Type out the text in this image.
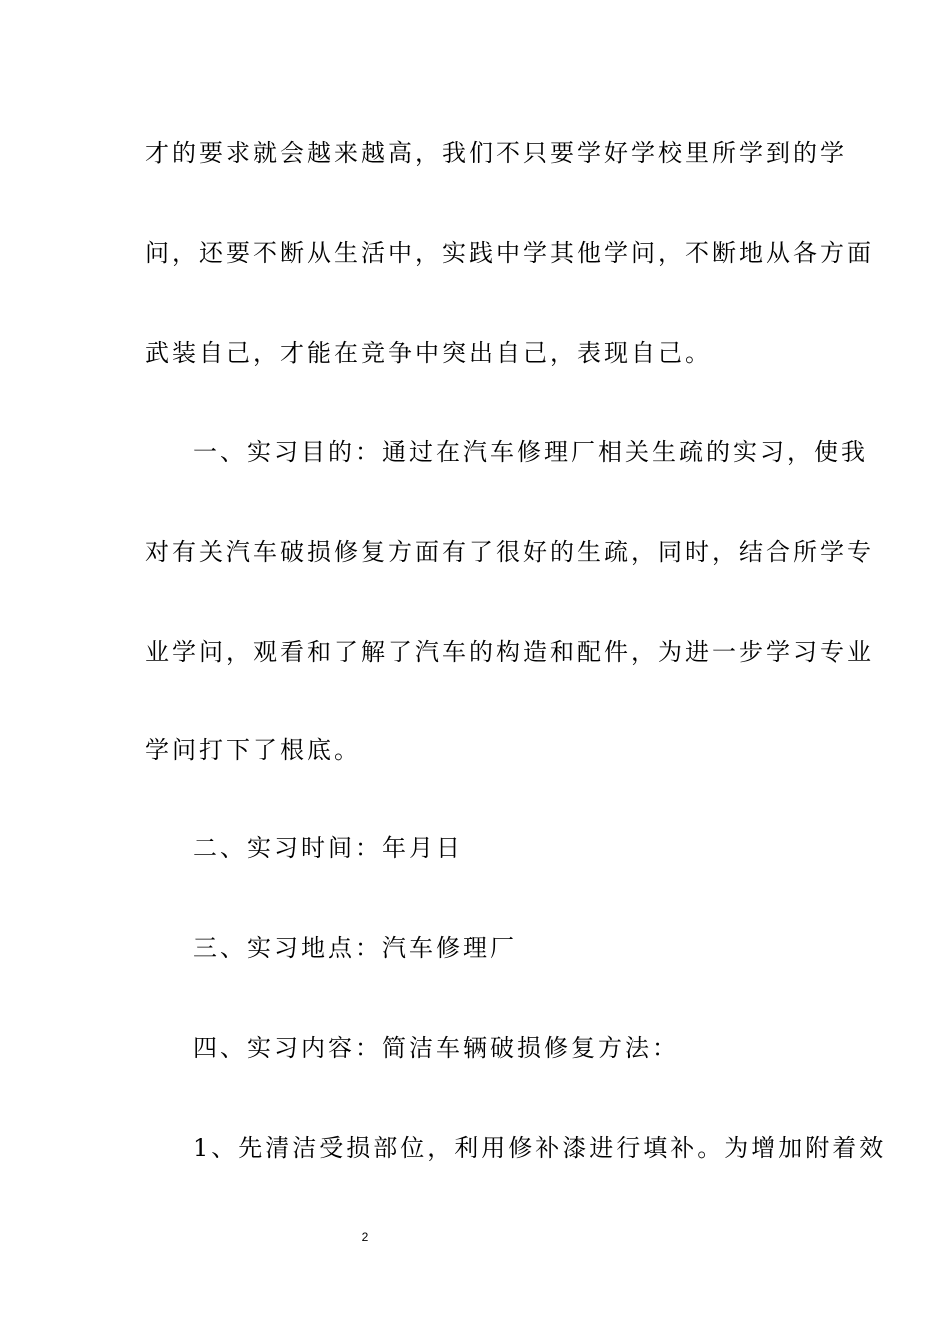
才的要求就会越来越高，我们不只要学好学校里所学到的学
问，还要不断从生活中，实践中学其他学问，不断地从各方面
武装自己，才能在竞争中突出自己，表现自己。
一、实习目的：通过在汽车修理厂相关生疏的实习，使我
对有关汽车破损修复方面有了很好的生疏，同时，结合所学专
业学问，观看和了解了汽车的构造和配件，为进一步学习专业
学问打下了根底。
二、实习时间：年月日
三、实习地点：汽车修理厂
四、实习内容：简洁车辆破损修复方法：
1、先清洁受损部位，利用修补漆进行填补。为增加附着效
2
